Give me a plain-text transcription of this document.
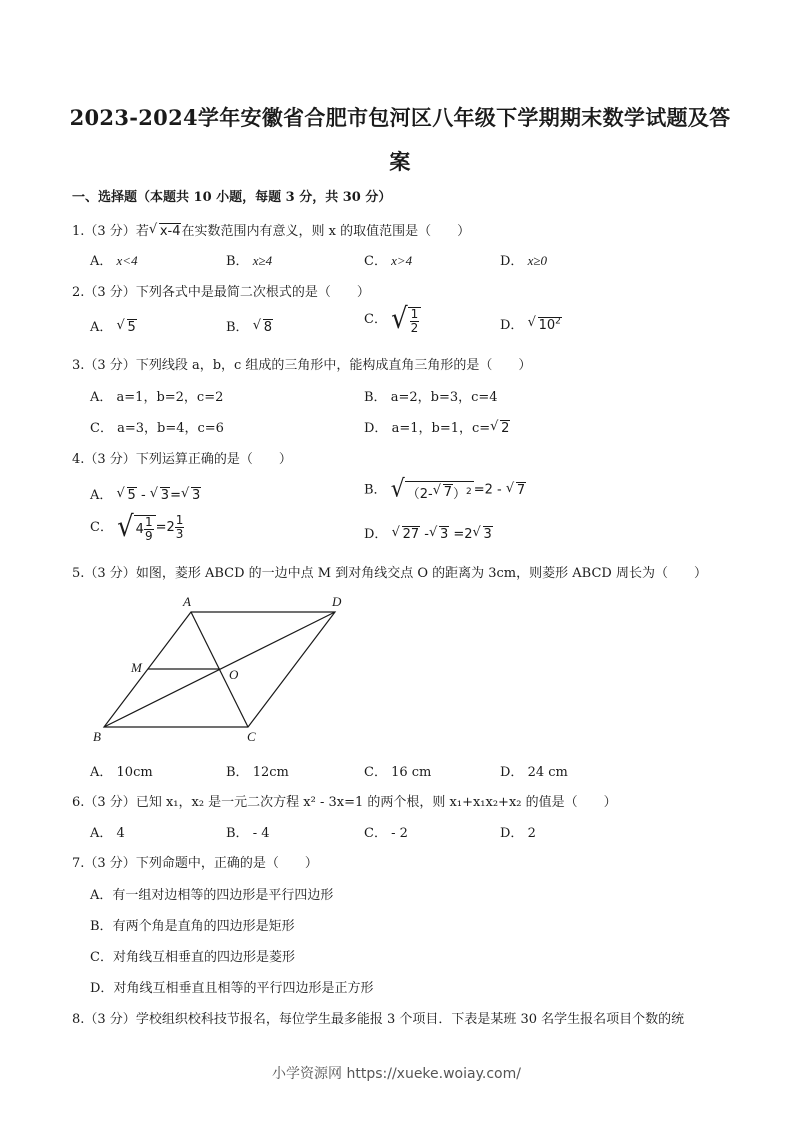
2023-2024学年安徽省合肥市包河区八年级下学期期末数学试题及答
案
一、选择题（本题共 10 小题，每题 3 分，共 30 分）
1.（3 分）若 √ x-4在实数范围内有意义，则 x 的取值范围是（　　）
A． x<4	B． x≥4	C． x>4	D． x≥0
2.（3 分）下列各式中是最简二次根式的是（　　）
A． √ 5	B． √ 8
C． √ $\frac{1}{2}$	D． √ $10^2$
3.（3 分）下列线段 a，b，c 组成的三角形中，能构成直角三角形的是（　　）
A． a=1，b=2，c=2	B． a=2，b=3，c=4
C． a=3，b=4，c=6	D． a=1，b=1，c= √ 2
4.（3 分）下列运算正确的是（　　）
A． √ 5 - √ 3= √ 3	B． √ （2- √ 7 ） 2 =2 - √ 7
C． √ $4 \frac{1}{9} =2 \frac{1}{3}$	D． √ 27 - √ 3 =2 √ 3
5.（3 分）如图，菱形 ABCD 的一边中点 M 到对角线交点 O 的距离为 3cm，则菱形 ABCD 周长为（　　）
A	D
M	O
B	C
A． 10cm	B． 12cm	C． 16 cm	D． 24 cm
6.（3 分）已知 x₁，x₂ 是一元二次方程 x² - 3x=1 的两个根，则 x₁+x₁x₂+x₂ 的值是（　　）
A． 4	B． - 4	C． - 2	D． 2
7.（3 分）下列命题中，正确的是（　　）
A．有一组对边相等的四边形是平行四边形
B．有两个角是直角的四边形是矩形
C．对角线互相垂直的四边形是菱形
D．对角线互相垂直且相等的平行四边形是正方形
8.（3 分）学校组织校科技节报名，每位学生最多能报 3 个项目．下表是某班 30 名学生报名项目个数的统
小学资源网 https://xueke.woiay.com/
